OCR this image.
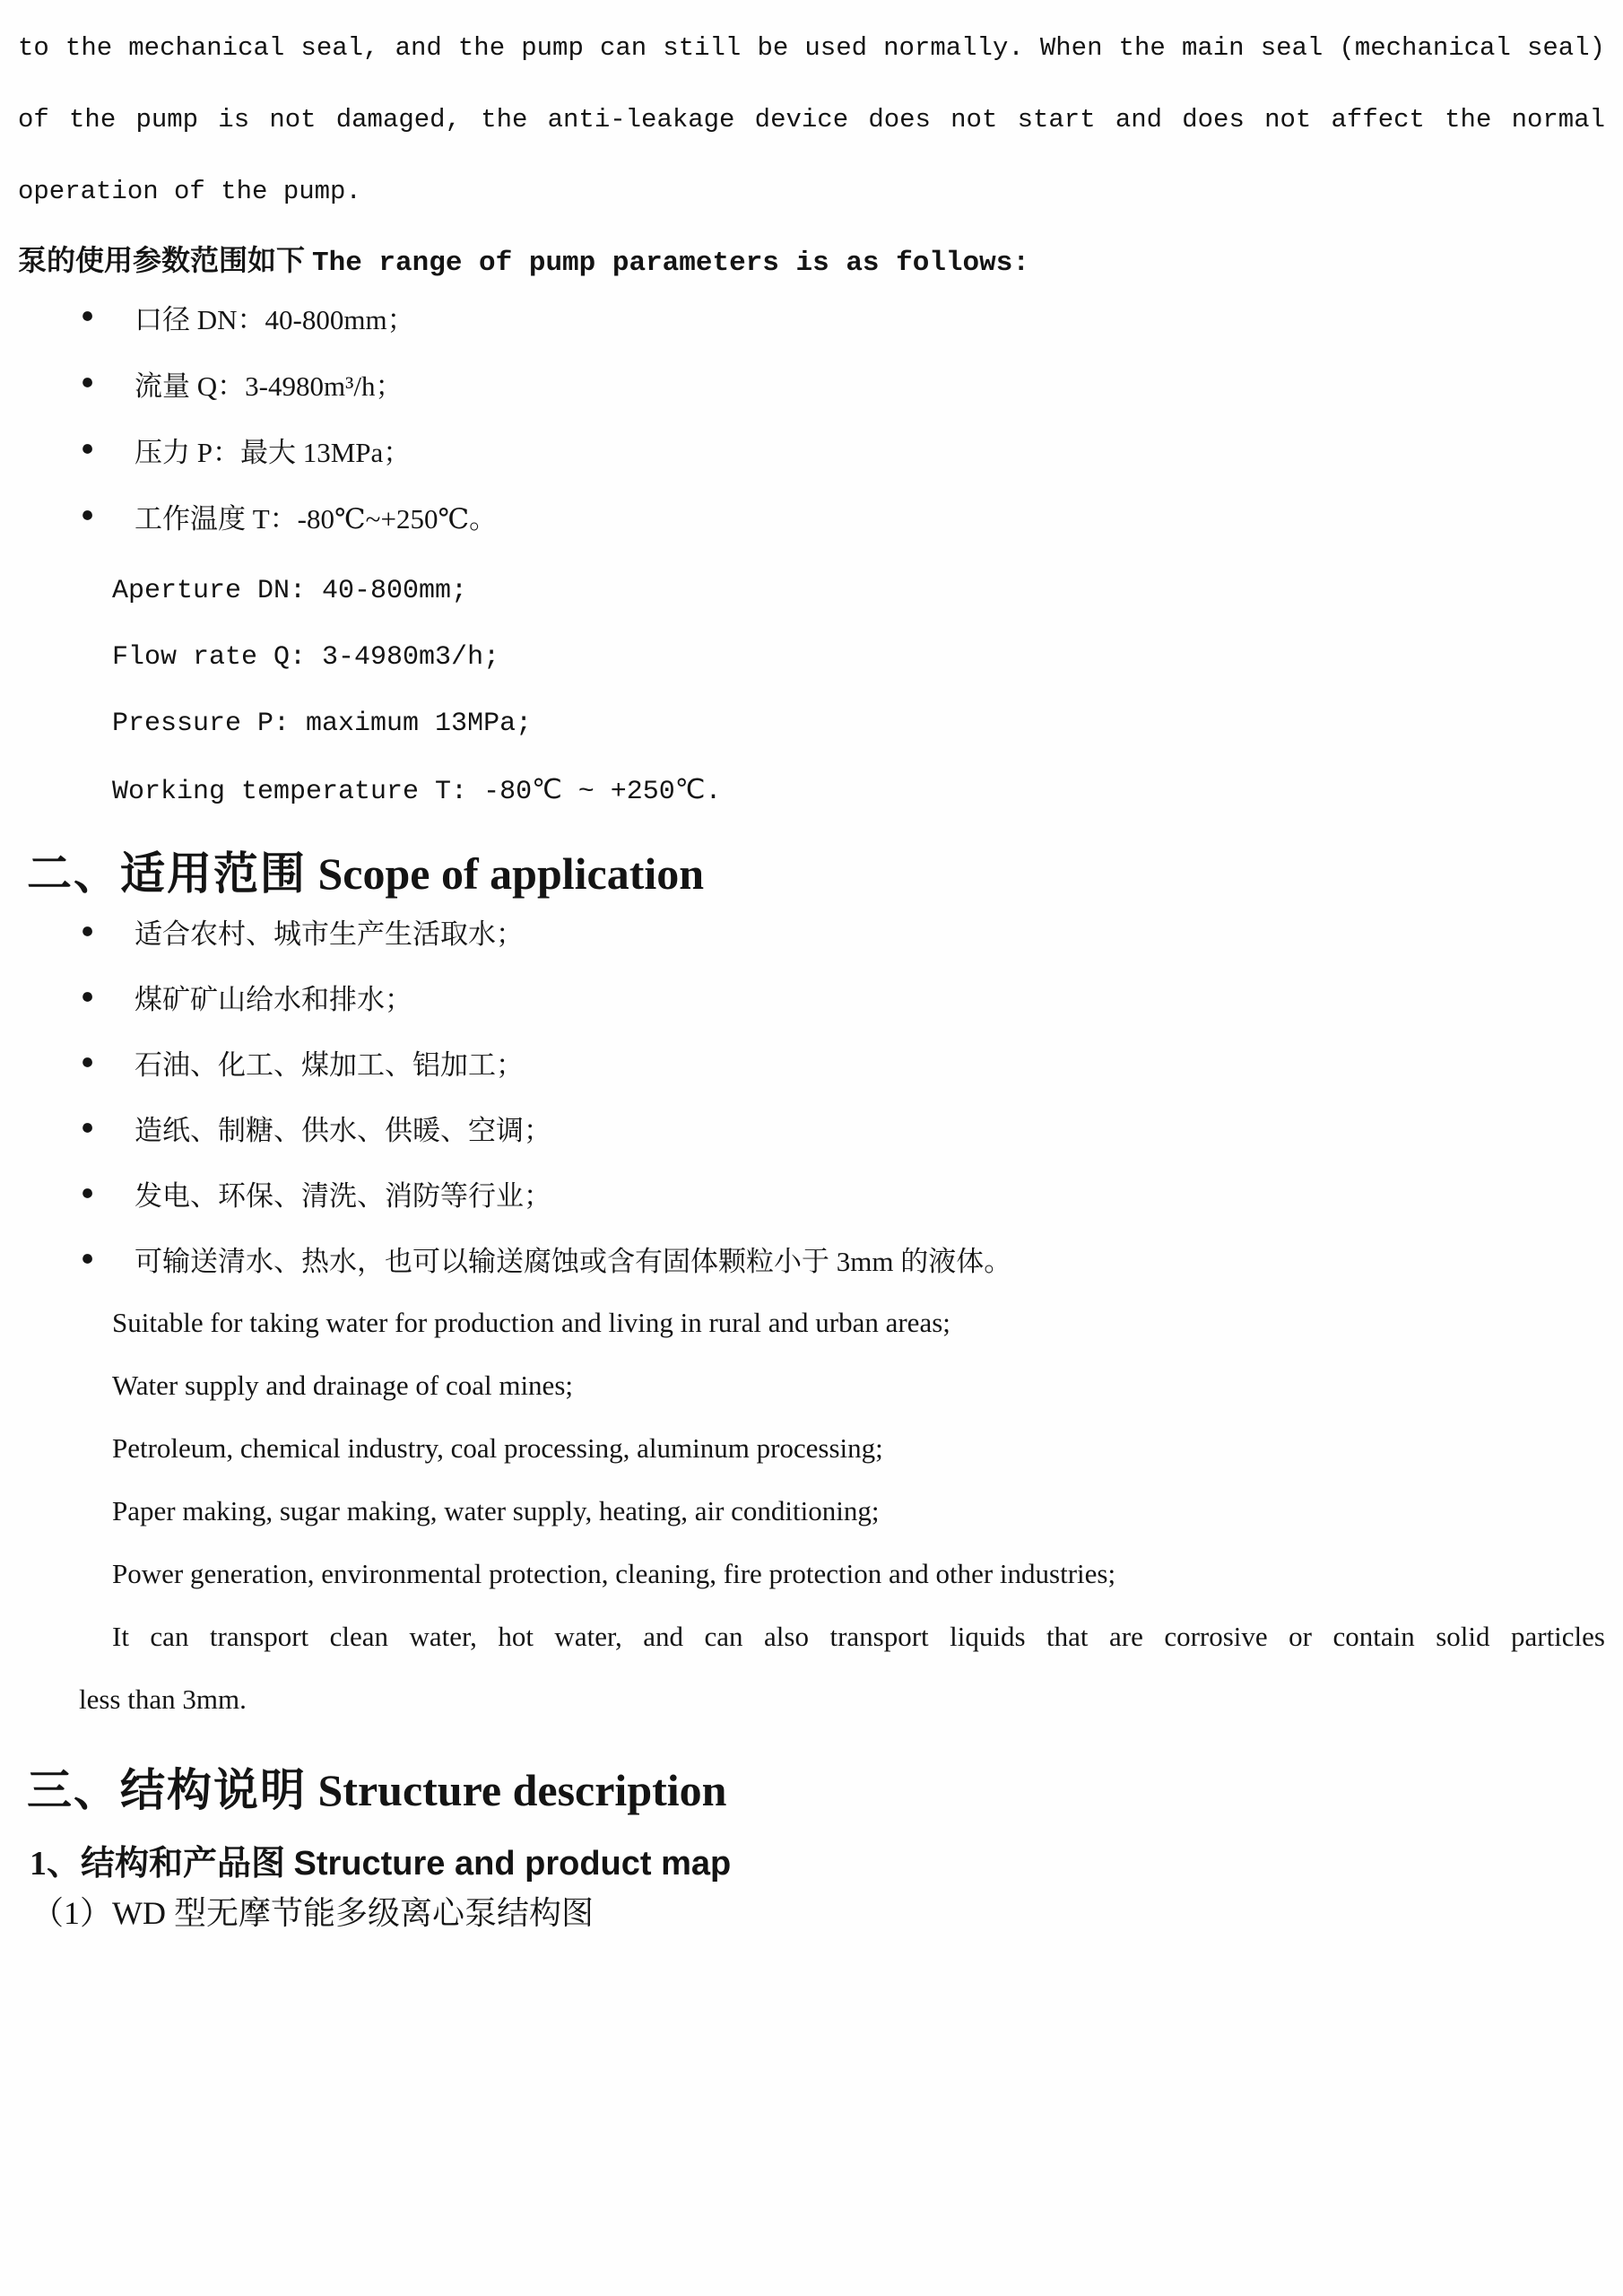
to the mechanical seal, and the pump can still be used normally. When the main seal (mechanical seal)
of the pump is not damaged, the anti-leakage device does not start and does not affect the normal
operation of the pump.
泵的使用参数范围如下 The range of pump parameters is as follows:
● 口径 DN：40-800mm；
● 流量 Q：3-4980m³/h；
● 压力 P：最大 13MPa；
● 工作温度 T：-80℃~+250℃。
Aperture DN: 40-800mm;
Flow rate Q: 3-4980m3/h;
Pressure P: maximum 13MPa;
Working temperature T: -80℃ ~ +250℃.
二、适用范围 Scope of application
● 适合农村、城市生产生活取水；
● 煤矿矿山给水和排水；
● 石油、化工、煤加工、铝加工；
● 造纸、制糖、供水、供暖、空调；
● 发电、环保、清洗、消防等行业；
● 可输送清水、热水，也可以输送腐蚀或含有固体颗粒小于 3mm 的液体。
Suitable for taking water for production and living in rural and urban areas;
Water supply and drainage of coal mines;
Petroleum, chemical industry, coal processing, aluminum processing;
Paper making, sugar making, water supply, heating, air conditioning;
Power generation, environmental protection, cleaning, fire protection and other industries;
It can transport clean water, hot water, and can also transport liquids that are corrosive or contain solid particles
less than 3mm.
三、结构说明 Structure description
1、结构和产品图 Structure and product map
（1）WD 型无摩节能多级离心泵结构图
